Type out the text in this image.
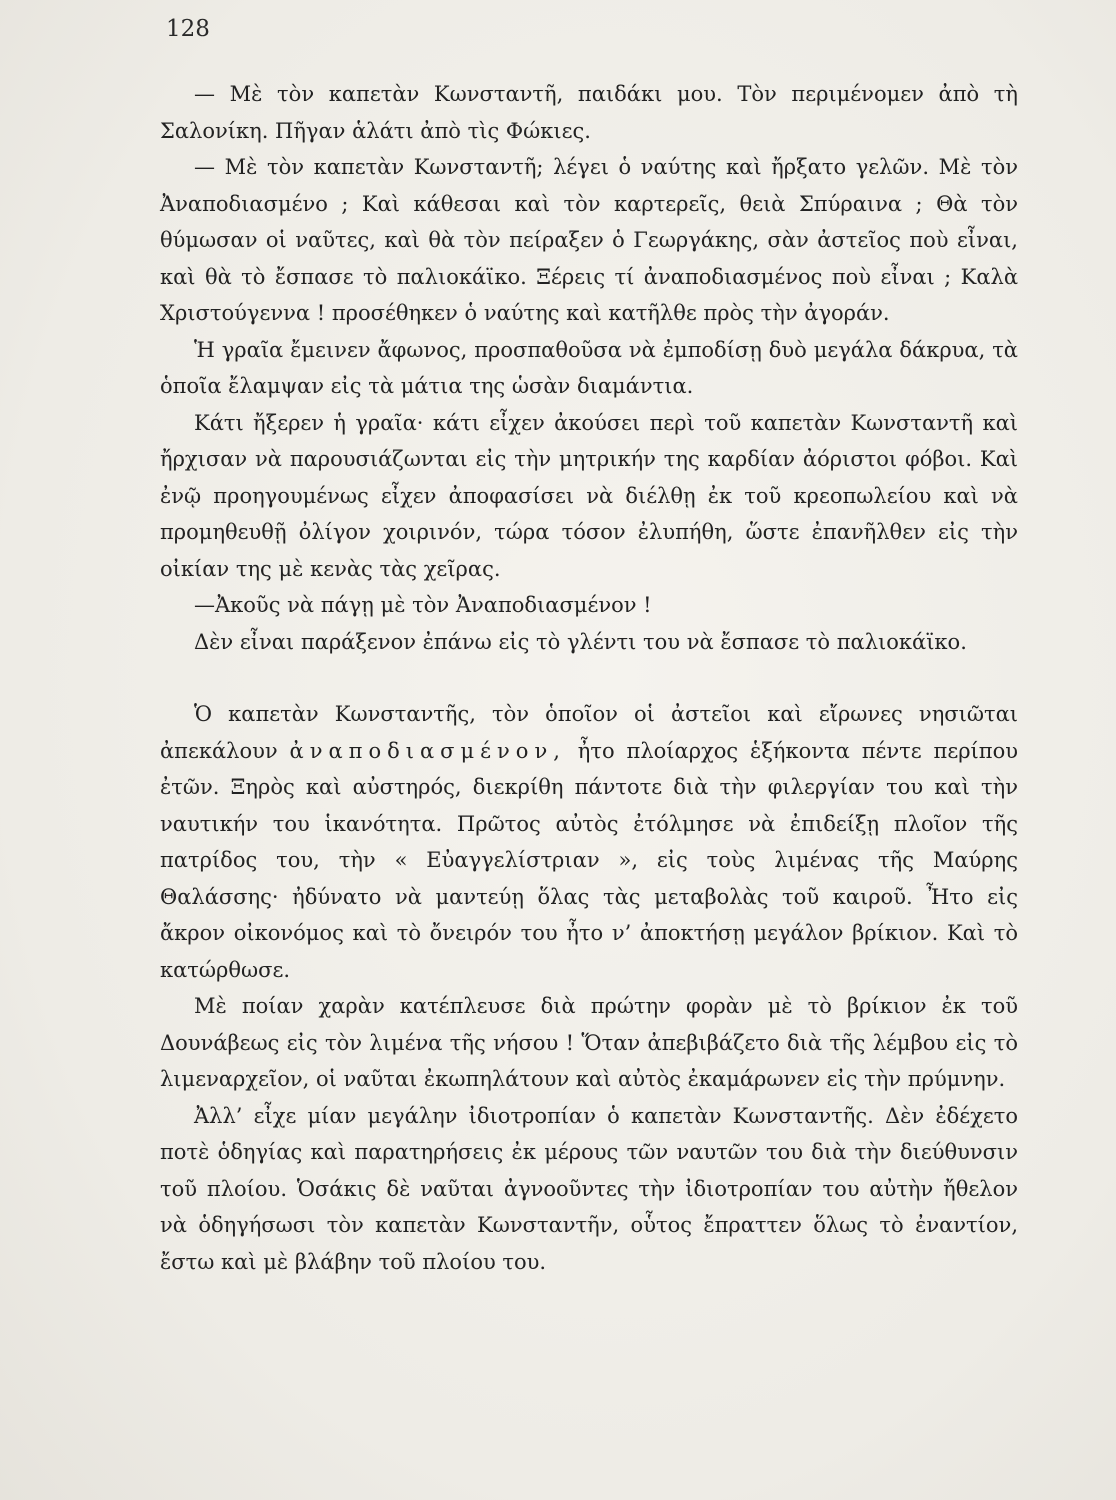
128

— Μὲ τὸν καπετὰν Κωνσταντῆ, παιδάκι μου. Τὸν περιμένομεν ἀπὸ τὴ Σαλονίκη. Πῆγαν ἁλάτι ἀπὸ τὶς Φώκιες.

— Μὲ τὸν καπετὰν Κωνσταντῆ; λέγει ὁ ναύτης καὶ ἤρξατο γελῶν. Μὲ τὸν Ἀναποδιασμένο ; Καὶ κάθεσαι καὶ τὸν καρτερεῖς, θειὰ Σπύραινα ; Θὰ τὸν θύμωσαν οἱ ναῦτες, καὶ θὰ τὸν πείραξεν ὁ Γεωργάκης, σὰν ἀστεῖος ποὺ εἶναι, καὶ θὰ τὸ ἔσπασε τὸ παλιοκάϊκο. Ξέρεις τί ἀναποδιασμένος ποὺ εἶναι ; Καλὰ Χριστούγεννα ! προσέθηκεν ὁ ναύτης καὶ κατῆλθε πρὸς τὴν ἀγοράν.

Ἡ γραῖα ἔμεινεν ἄφωνος, προσπαθοῦσα νὰ ἐμποδίσῃ δυὸ μεγάλα δάκρυα, τὰ ὁποῖα ἔλαμψαν εἰς τὰ μάτια της ὡσὰν διαμάντια.

Κάτι ἤξερεν ἡ γραῖα· κάτι εἶχεν ἀκούσει περὶ τοῦ καπετὰν Κωνσταντῆ καὶ ἤρχισαν νὰ παρουσιάζωνται εἰς τὴν μητρικήν της καρδίαν ἀόριστοι φόβοι. Καὶ ἐνῷ προηγουμένως εἶχεν ἀποφασίσει νὰ διέλθῃ ἐκ τοῦ κρεοπωλείου καὶ νὰ προμηθευθῇ ὀλίγον χοιρινόν, τώρα τόσον ἐλυπήθη, ὥστε ἐπανῆλθεν εἰς τὴν οἰκίαν της μὲ κενὰς τὰς χεῖρας.

—Ἀκοῦς νὰ πάγῃ μὲ τὸν Ἀναποδιασμένον !

Δὲν εἶναι παράξενον ἐπάνω εἰς τὸ γλέντι του νὰ ἔσπασε τὸ παλιοκάϊκο.

Ὁ καπετὰν Κωνσταντῆς, τὸν ὁποῖον οἱ ἀστεῖοι καὶ εἴρωνες νησιῶται ἀπεκάλουν ἀναποδιασμένον, ἦτο πλοίαρχος ἑξήκοντα πέντε περίπου ἐτῶν. Ξηρὸς καὶ αὐστηρός, διεκρίθη πάντοτε διὰ τὴν φιλεργίαν του καὶ τὴν ναυτικήν του ἱκανότητα. Πρῶτος αὐτὸς ἐτόλμησε νὰ ἐπιδείξῃ πλοῖον τῆς πατρίδος του, τὴν « Εὐαγγελίστριαν », εἰς τοὺς λιμένας τῆς Μαύρης Θαλάσσης· ἠδύνατο νὰ μαντεύῃ ὅλας τὰς μεταβολὰς τοῦ καιροῦ. Ἦτο εἰς ἄκρον οἰκονόμος καὶ τὸ ὄνειρόν του ἦτο ν’ ἀποκτήσῃ μεγάλον βρίκιον. Καὶ τὸ κατώρθωσε.

Μὲ ποίαν χαρὰν κατέπλευσε διὰ πρώτην φορὰν μὲ τὸ βρίκιον ἐκ τοῦ Δουνάβεως εἰς τὸν λιμένα τῆς νήσου ! Ὅταν ἀπεβιβάζετο διὰ τῆς λέμβου εἰς τὸ λιμεναρχεῖον, οἱ ναῦται ἐκωπηλάτουν καὶ αὐτὸς ἐκαμάρωνεν εἰς τὴν πρύμνην.

Ἀλλ’ εἶχε μίαν μεγάλην ἰδιοτροπίαν ὁ καπετὰν Κωνσταντῆς. Δὲν ἐδέχετο ποτὲ ὁδηγίας καὶ παρατηρήσεις ἐκ μέρους τῶν ναυτῶν του διὰ τὴν διεύθυνσιν τοῦ πλοίου. Ὁσάκις δὲ ναῦται ἀγνοοῦντες τὴν ἰδιοτροπίαν του αὐτὴν ἤθελον νὰ ὁδηγήσωσι τὸν καπετὰν Κωνσταντῆν, οὗτος ἔπραττεν ὅλως τὸ ἐναντίον, ἔστω καὶ μὲ βλάβην τοῦ πλοίου του.
